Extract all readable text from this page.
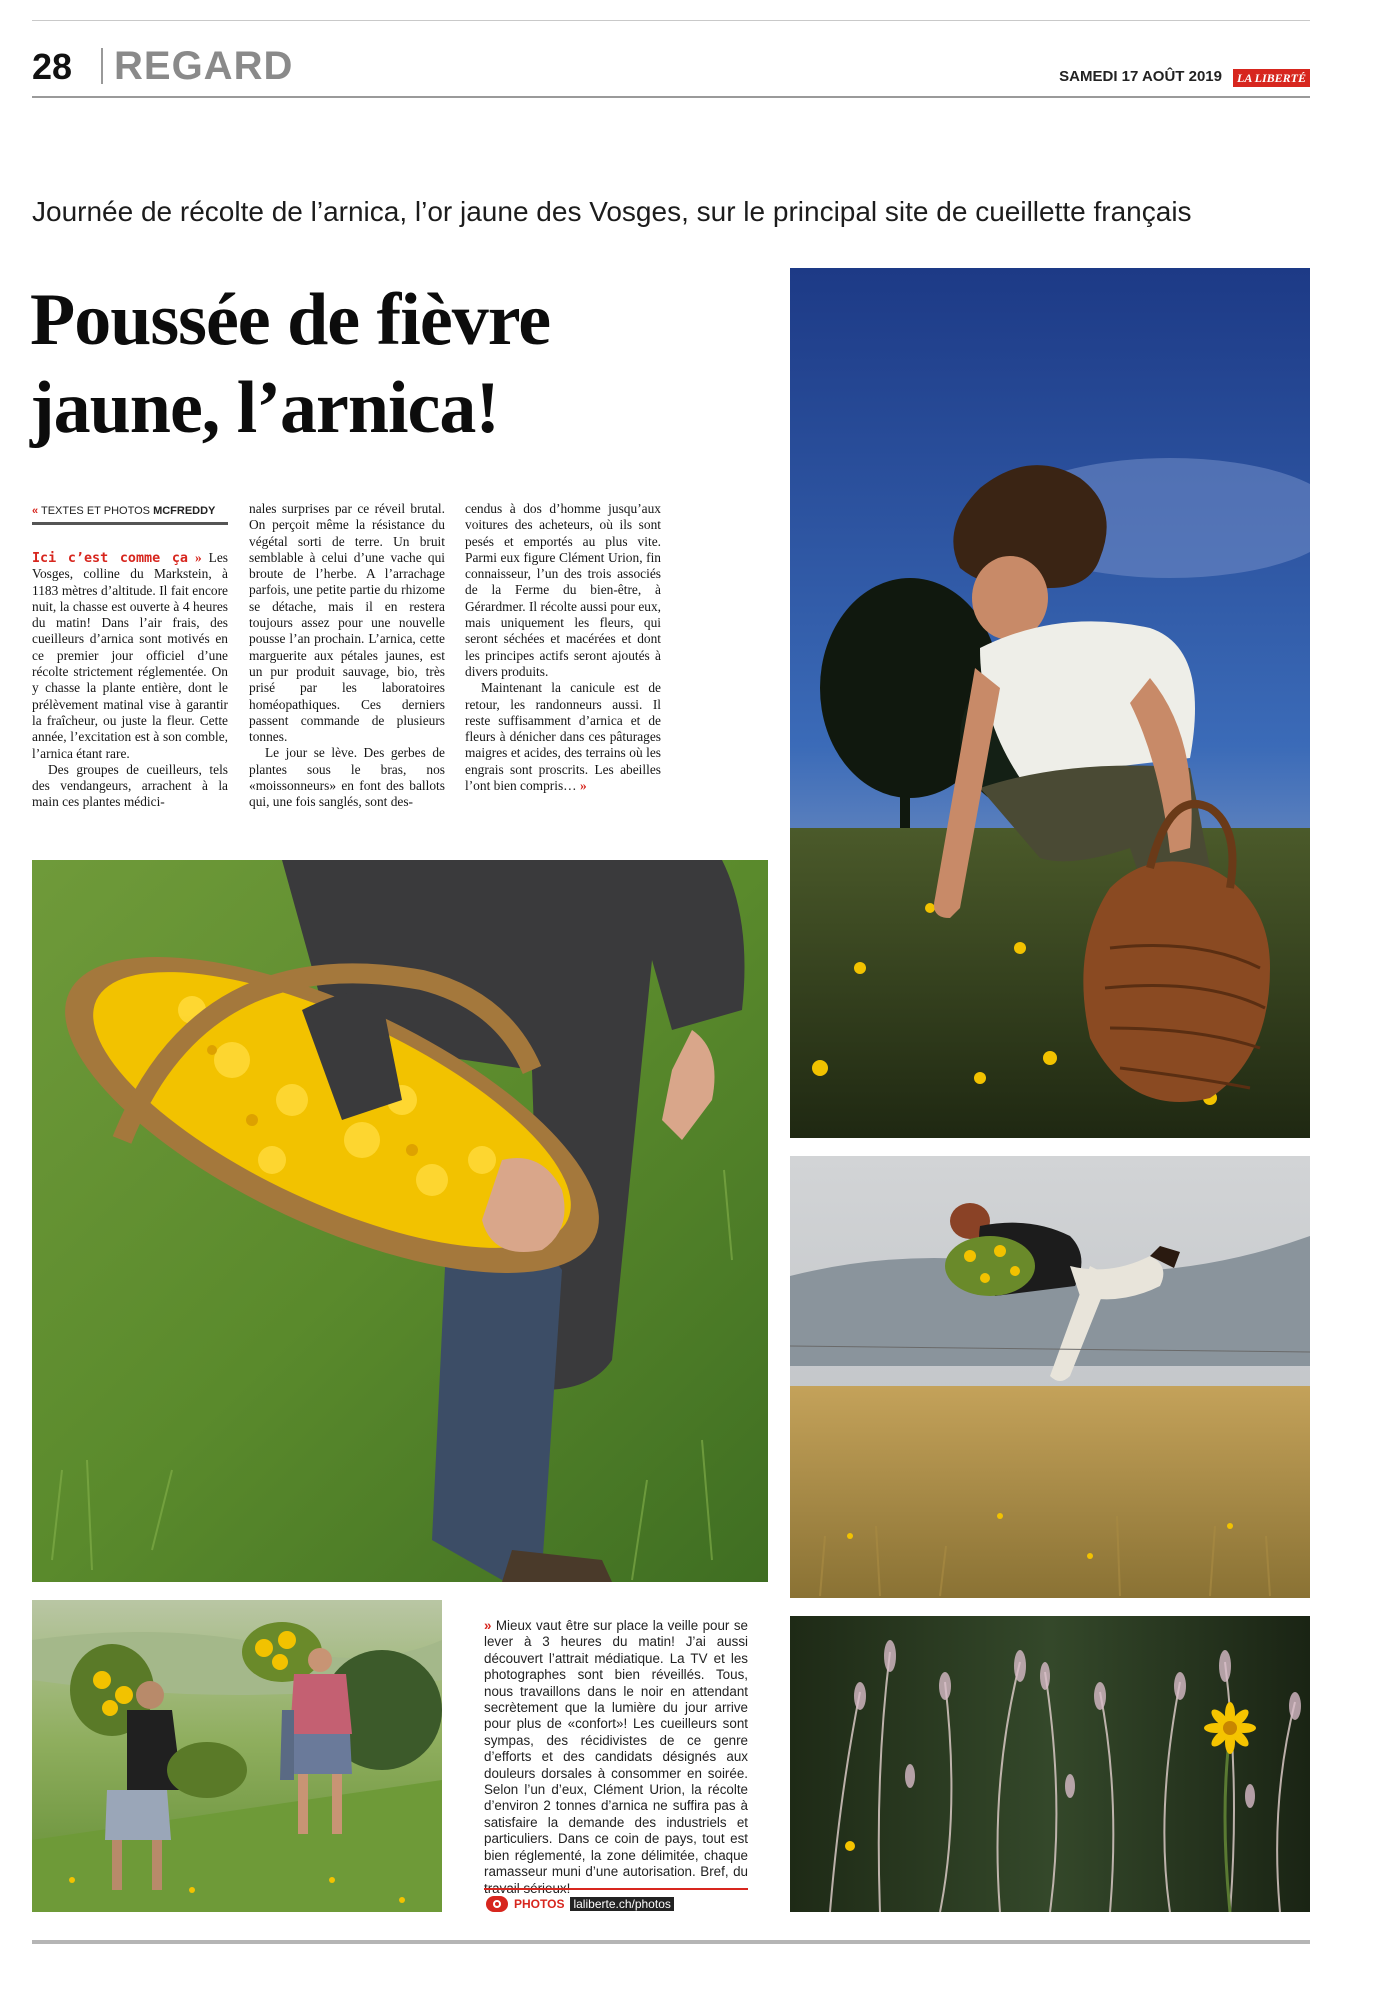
28 REGARD	SAMEDI 17 AOÛT 2019	LA LIBERTÉ
Journée de récolte de l’arnica, l’or jaune des Vosges, sur le principal site de cueillette français
Poussée de fièvre
jaune, l’arnica!
« TEXTES ET PHOTOS MCFREDDY

Ici c’est comme ça » Les Vosges, colline du Markstein, à 1183 mètres d’altitude. Il fait encore nuit, la chasse est ouverte à 4 heures du matin! Dans l’air frais, des cueilleurs d’arnica sont motivés en ce premier jour officiel d’une récolte strictement réglementée. On y chasse la plante entière, dont le prélèvement matinal vise à garantir la fraîcheur, ou juste la fleur. Cette année, l’excitation est à son comble, l’arnica étant rare.

Des groupes de cueilleurs, tels des vendangeurs, arrachent à la main ces plantes médici-

nales surprises par ce réveil brutal. On perçoit même la résistance du végétal sorti de terre. Un bruit semblable à celui d’une vache qui broute de l’herbe. A l’arrachage parfois, une petite partie du rhizome se détache, mais il en restera toujours assez pour une nouvelle pousse l’an prochain. L’arnica, cette marguerite aux pétales jaunes, est un pur produit sauvage, bio, très prisé par les laboratoires homéopathiques. Ces derniers passent commande de plusieurs tonnes.

Le jour se lève. Des gerbes de plantes sous le bras, nos «moissonneurs» en font des ballots qui, une fois sanglés, sont des-

cendus à dos d’homme jusqu’aux voitures des acheteurs, où ils sont pesés et emportés au plus vite. Parmi eux figure Clément Urion, fin connaisseur, l’un des trois associés de la Ferme du bien-être, à Gérardmer. Il récolte aussi pour eux, mais uniquement les fleurs, qui seront séchées et macérées et dont les principes actifs seront ajoutés à divers produits.

Maintenant la canicule est de retour, les randonneurs aussi. Il reste suffisamment d’arnica et de fleurs à dénicher dans ces pâturages maigres et acides, des terrains où les engrais sont proscrits. Les abeilles l’ont bien compris… »

» Mieux vaut être sur place la veille pour se lever à 3 heures du matin! J’ai aussi découvert l’attrait médiatique. La TV et les photographes sont bien réveillés. Tous, nous travaillons dans le noir en attendant secrètement que la lumière du jour arrive pour plus de «confort»! Les cueilleurs sont sympas, des récidivistes de ce genre d’efforts et des candidats désignés aux douleurs dorsales à consommer en soirée. Selon l’un d’eux, Clément Urion, la récolte d’environ 2 tonnes d’arnica ne suffira pas à satisfaire la demande des industriels et particuliers. Dans ce coin de pays, tout est bien réglementé, la zone délimitée, chaque ramasseur muni d’une autorisation. Bref, du
PHOTOS laliberte.ch/photos
